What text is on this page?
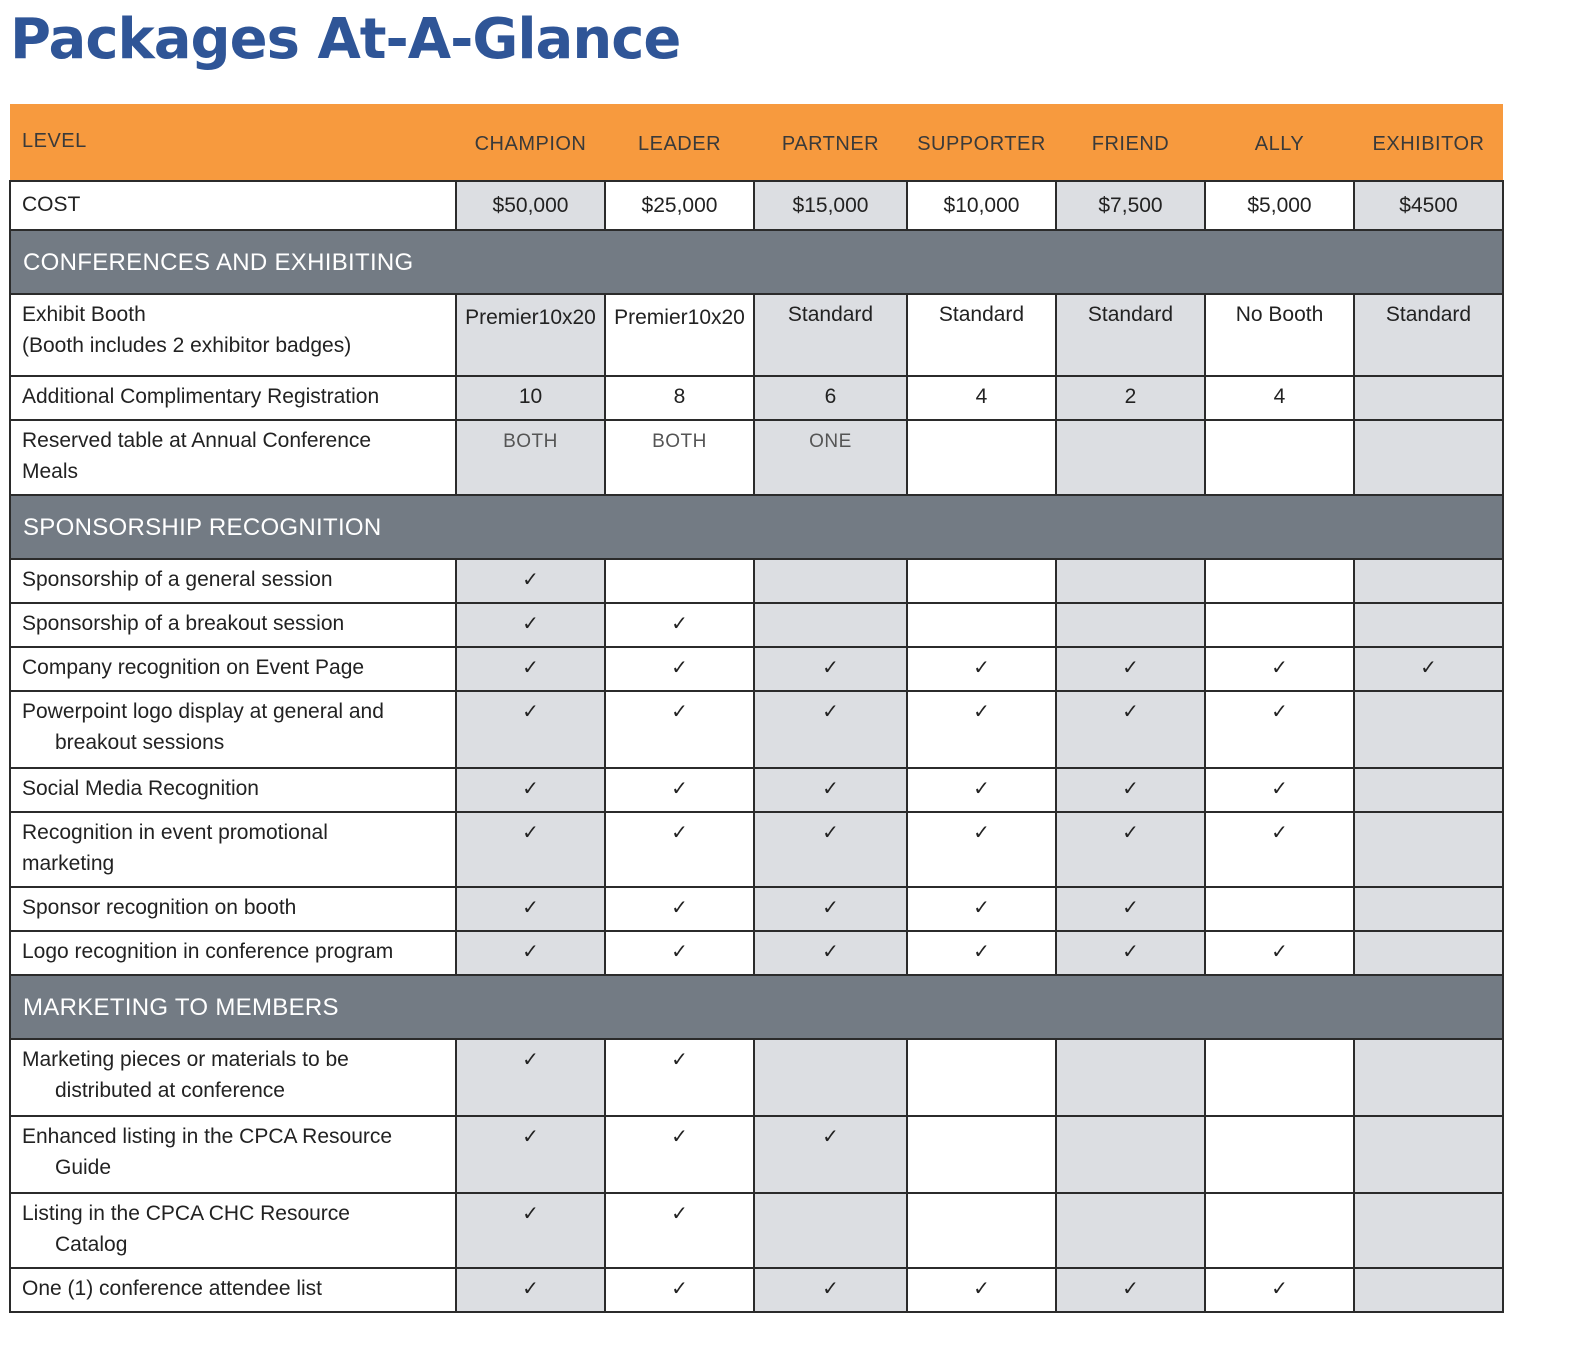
Packages At-A-Glance
LEVEL	CHAMPION	LEADER	PARTNER	SUPPORTER	FRIEND	ALLY	EXHIBITOR
COST	$50,000	$25,000	$15,000	$10,000	$7,500	$5,000	$4500
CONFERENCES AND EXHIBITING							

Exhibit Booth
(Booth includes 2 exhibitor badges)	Premier10x20	Premier10x20	Standard	Standard	Standard	No Booth	Standard

Additional Complimentary Registration	10	8	6	4	2	4	

Reserved table at Annual Conference
Meals	BOTH	BOTH	ONE				
SPONSORSHIP RECOGNITION							

Sponsorship of a general session	✓						

Sponsorship of a breakout session	✓	✓					

Company recognition on Event Page	✓	✓	✓	✓	✓	✓	✓

Powerpoint logo display at general and
breakout sessions	✓	✓	✓	✓	✓	✓	

Social Media Recognition	✓	✓	✓	✓	✓	✓	

Recognition in event promotional
marketing	✓	✓	✓	✓	✓	✓	

Sponsor recognition on booth	✓	✓	✓	✓	✓		

Logo recognition in conference program	✓	✓	✓	✓	✓	✓	
MARKETING TO MEMBERS							

Marketing pieces or materials to be
distributed at conference	✓	✓					

Enhanced listing in the CPCA Resource
Guide	✓	✓	✓				

Listing in the CPCA CHC Resource
Catalog	✓	✓					

One (1) conference attendee list	✓	✓	✓	✓	✓	✓	
